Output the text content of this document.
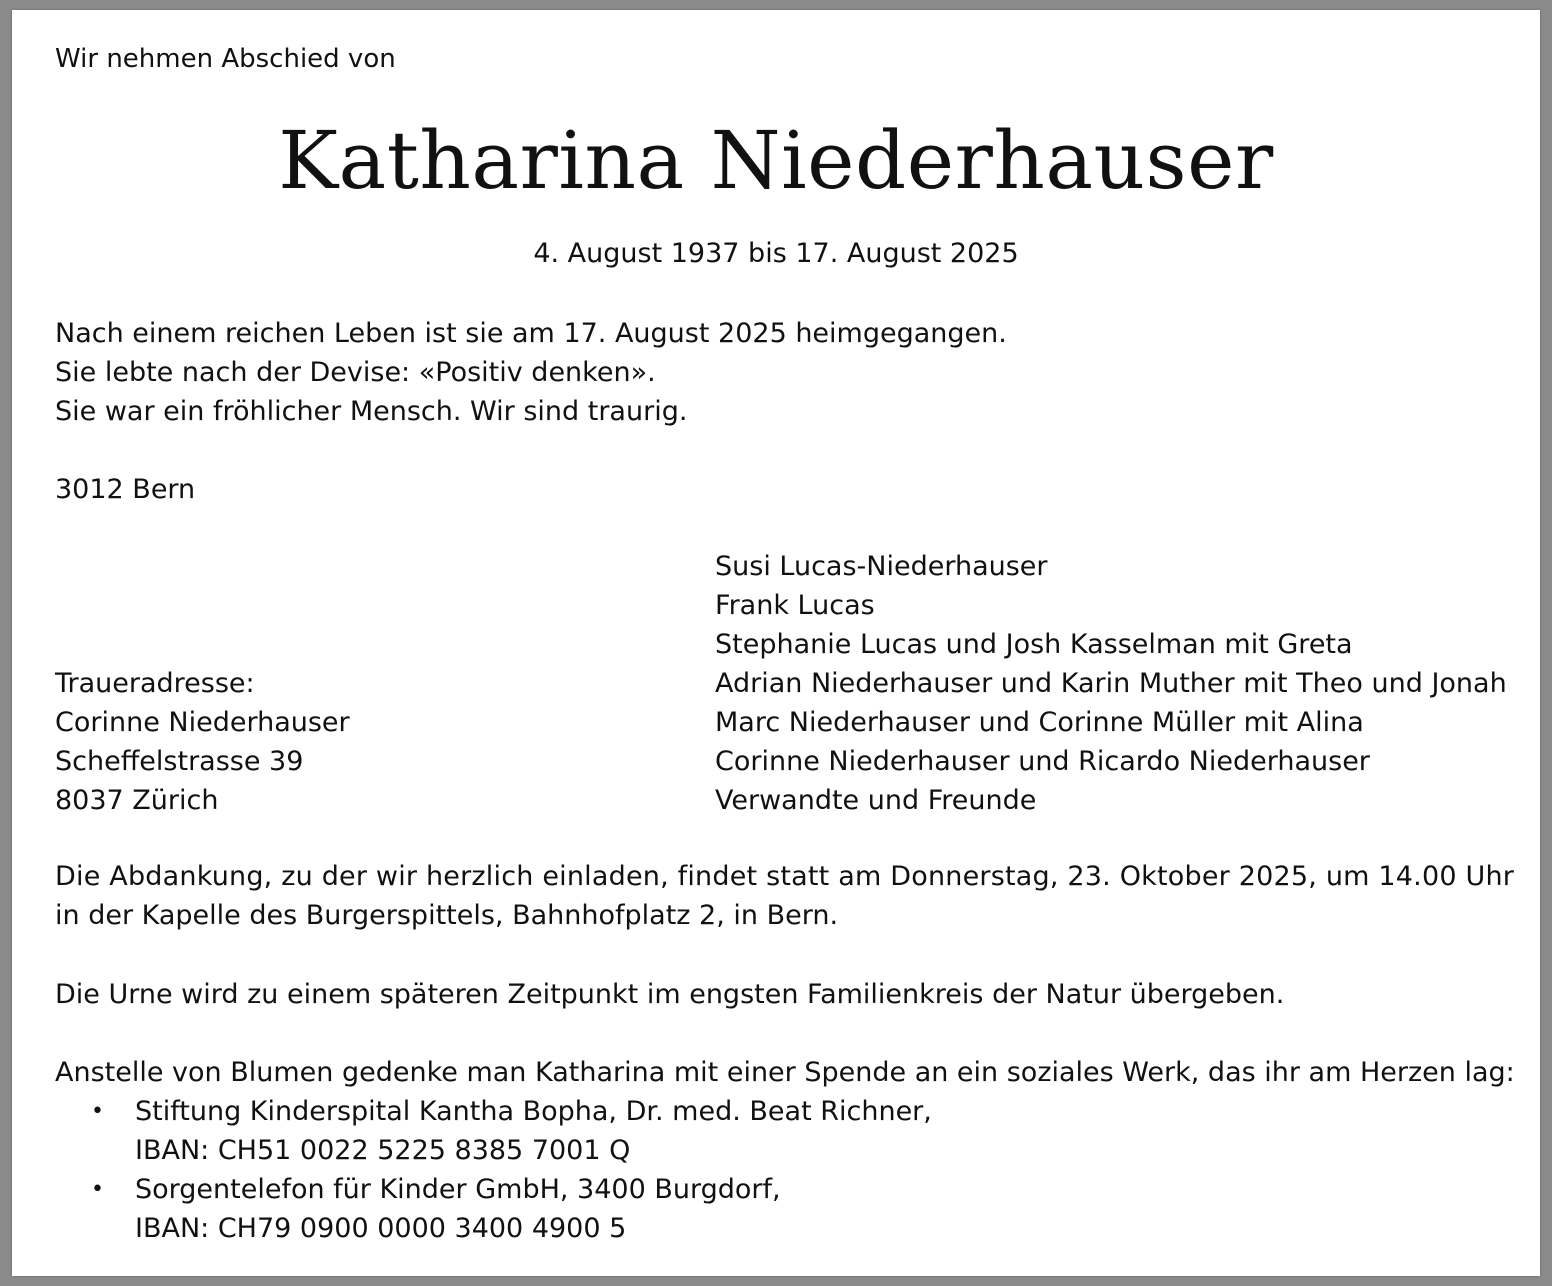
Wir nehmen Abschied von
Katharina Niederhauser
4. August 1937 bis 17. August 2025
Nach einem reichen Leben ist sie am 17. August 2025 heimgegangen.
Sie lebte nach der Devise: «Positiv denken».
Sie war ein fröhlicher Mensch. Wir sind traurig.
3012 Bern
Traueradresse:
Corinne Niederhauser
Scheffelstrasse 39
8037 Zürich
Susi Lucas-Niederhauser
Frank Lucas
Stephanie Lucas und Josh Kasselman mit Greta
Adrian Niederhauser und Karin Muther mit Theo und Jonah
Marc Niederhauser und Corinne Müller mit Alina
Corinne Niederhauser und Ricardo Niederhauser
Verwandte und Freunde
Die Abdankung, zu der wir herzlich einladen, findet statt am Donnerstag, 23. Oktober 2025, um 14.00 Uhr
in der Kapelle des Burgerspittels, Bahnhofplatz 2, in Bern.
Die Urne wird zu einem späteren Zeitpunkt im engsten Familienkreis der Natur übergeben.
Anstelle von Blumen gedenke man Katharina mit einer Spende an ein soziales Werk, das ihr am Herzen lag:
•	Stiftung Kinderspital Kantha Bopha, Dr. med. Beat Richner,
IBAN: CH51 0022 5225 8385 7001 Q
•	Sorgentelefon für Kinder GmbH, 3400 Burgdorf,
IBAN: CH79 0900 0000 3400 4900 5
